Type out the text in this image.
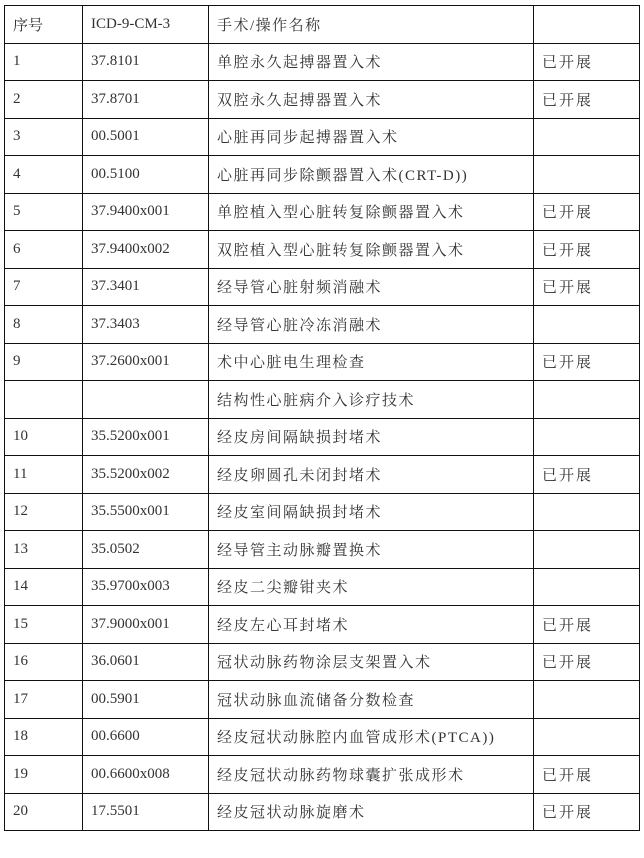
序号	ICD-9-CM-3	手术/操作名称	
1	37.8101	单腔永久起搏器置入术	已开展
2	37.8701	双腔永久起搏器置入术	已开展
3	00.5001	心脏再同步起搏器置入术	
4	00.5100	心脏再同步除颤器置入术(CRT-D))	
5	37.9400x001	单腔植入型心脏转复除颤器置入术	已开展
6	37.9400x002	双腔植入型心脏转复除颤器置入术	已开展
7	37.3401	经导管心脏射频消融术	已开展
8	37.3403	经导管心脏冷冻消融术	
9	37.2600x001	术中心脏电生理检查	已开展
		结构性心脏病介入诊疗技术	
10	35.5200x001	经皮房间隔缺损封堵术	
11	35.5200x002	经皮卵圆孔未闭封堵术	已开展
12	35.5500x001	经皮室间隔缺损封堵术	
13	35.0502	经导管主动脉瓣置换术	
14	35.9700x003	经皮二尖瓣钳夹术	
15	37.9000x001	经皮左心耳封堵术	已开展
16	36.0601	冠状动脉药物涂层支架置入术	已开展
17	00.5901	冠状动脉血流储备分数检查	
18	00.6600	经皮冠状动脉腔内血管成形术(PTCA))	
19	00.6600x008	经皮冠状动脉药物球囊扩张成形术	已开展
20	17.5501	经皮冠状动脉旋磨术	已开展
